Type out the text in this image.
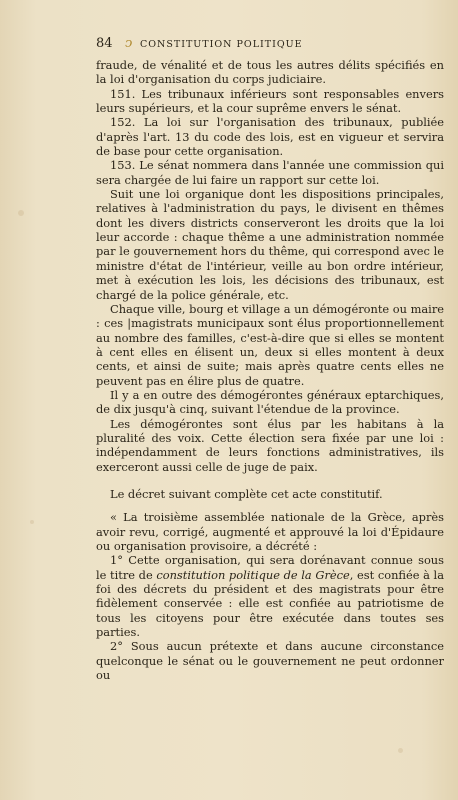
84 ↄ CONSTITUTION POLITIQUE

fraude, de vénalité et de tous les autres délits spécifiés en la loi d'organisation du corps judiciaire.

151. Les tribunaux inférieurs sont responsables envers leurs supérieurs, et la cour suprême envers le sénat.

152. La loi sur l'organisation des tribunaux, publiée d'après l'art. 13 du code des lois, est en vigueur et servira de base pour cette organisation.

153. Le sénat nommera dans l'année une commission qui sera chargée de lui faire un rapport sur cette loi.

Suit une loi organique dont les dispositions principales, relatives à l'administration du pays, le divisent en thêmes dont les divers districts conserveront les droits que la loi leur accorde : chaque thême a une administration nommée par le gouvernement hors du thême, qui correspond avec le ministre d'état de l'intérieur, veille au bon ordre intérieur, met à exécution les lois, les décisions des tribunaux, est chargé de la police générale, etc.

Chaque ville, bourg et village a un démogéronte ou maire : ces |magistrats municipaux sont élus proportionnellement au nombre des familles, c'est-à-dire que si elles se montent à cent elles en élisent un, deux si elles montent à deux cents, et ainsi de suite; mais après quatre cents elles ne peuvent pas en élire plus de quatre.

Il y a en outre des démogérontes généraux eptarchiques, de dix jusqu'à cinq, suivant l'étendue de la province.

Les démogérontes sont élus par les habitans à la pluralité des voix. Cette élection sera fixée par une loi : indépendamment de leurs fonctions administratives, ils exerceront aussi celle de juge de paix.

Le décret suivant complète cet acte constitutif.

« La troisième assemblée nationale de la Grèce, après avoir revu, corrigé, augmenté et approuvé la loi d'Épidaure ou organisation provisoire, a décrété :

1° Cette organisation, qui sera dorénavant connue sous le titre de constitution politique de la Grèce, est confiée à la foi des décrets du président et des magistrats pour être fidèlement conservée : elle est confiée au patriotisme de tous les citoyens pour être exécutée dans toutes ses parties.

2° Sous aucun prétexte et dans aucune circonstance quelconque le sénat ou le gouvernement ne peut ordonner ou
